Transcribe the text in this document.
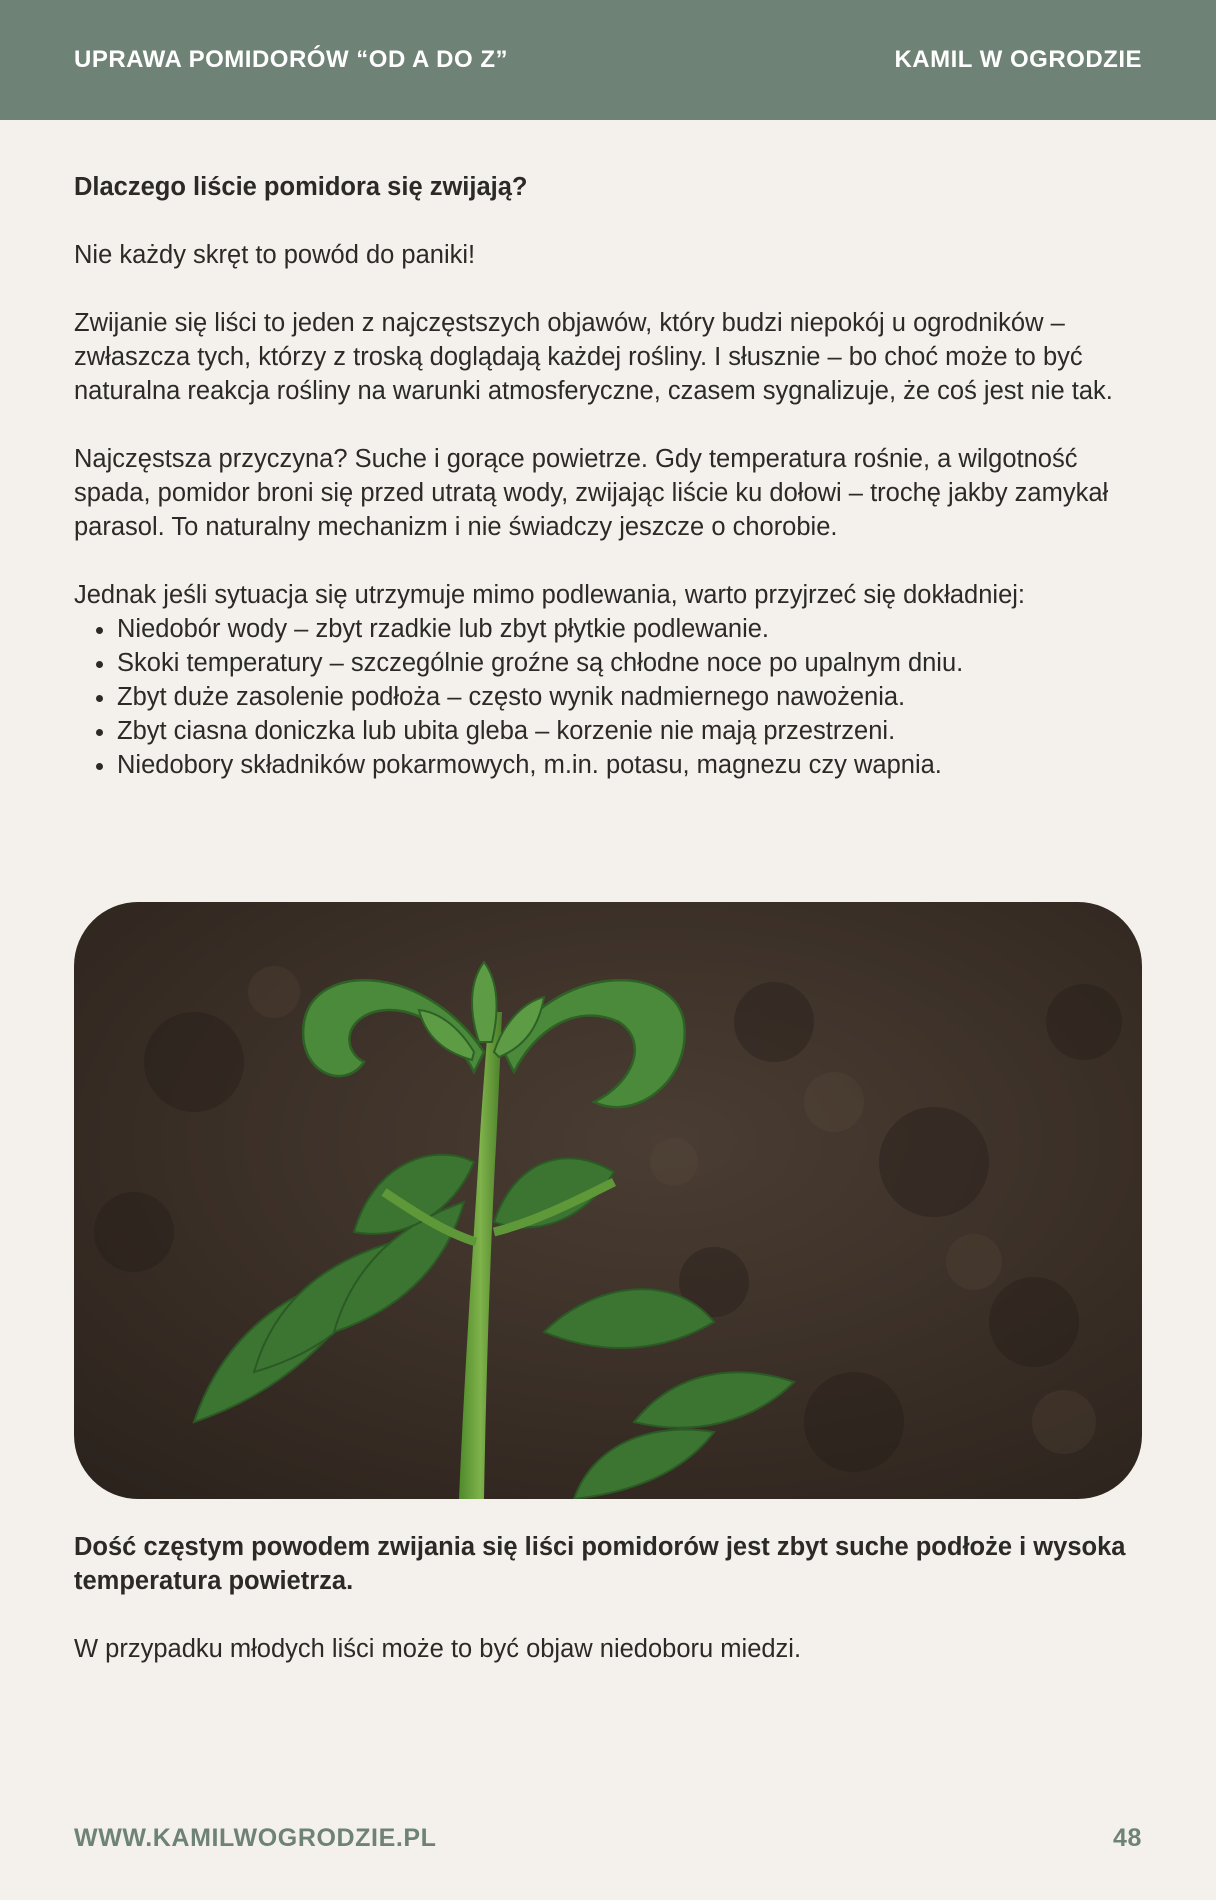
UPRAWA POMIDORÓW “OD A DO Z”	KAMIL W OGRODZIE

Dlaczego liście pomidora się zwijają?

Nie każdy skręt to powód do paniki!

Zwijanie się liści to jeden z najczęstszych objawów, który budzi niepokój u ogrodników – zwłaszcza tych, którzy z troską doglądają każdej rośliny. I słusznie – bo choć może to być naturalna reakcja rośliny na warunki atmosferyczne, czasem sygnalizuje, że coś jest nie tak.

Najczęstsza przyczyna? Suche i gorące powietrze. Gdy temperatura rośnie, a wilgotność spada, pomidor broni się przed utratą wody, zwijając liście ku dołowi – trochę jakby zamykał parasol. To naturalny mechanizm i nie świadczy jeszcze o chorobie.

Jednak jeśli sytuacja się utrzymuje mimo podlewania, warto przyjrzeć się dokładniej:

• Niedobór wody – zbyt rzadkie lub zbyt płytkie podlewanie.
• Skoki temperatury – szczególnie groźne są chłodne noce po upalnym dniu.
• Zbyt duże zasolenie podłoża – często wynik nadmiernego nawożenia.
• Zbyt ciasna doniczka lub ubita gleba – korzenie nie mają przestrzeni.
• Niedobory składników pokarmowych, m.in. potasu, magnezu czy wapnia.

Dość częstym powodem zwijania się liści pomidorów jest zbyt suche podłoże i wysoka temperatura powietrza.

W przypadku młodych liści może to być objaw niedoboru miedzi.

WWW.KAMILWOGRODZIE.PL	48
